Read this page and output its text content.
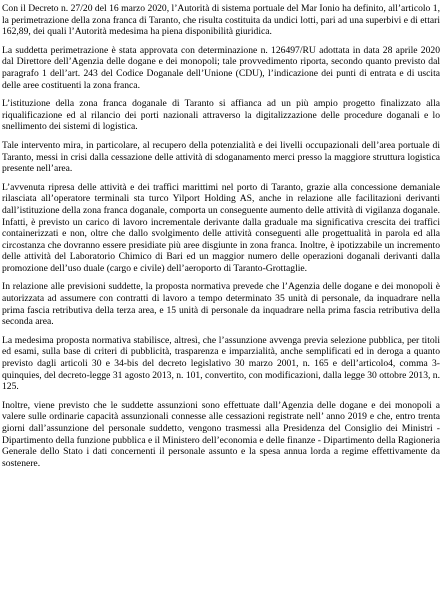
Con il Decreto n. 27/20 del 16 marzo 2020, l’Autorità di sistema portuale del Mar Ionio ha definito, all’articolo 1, la perimetrazione della zona franca di Taranto, che risulta costituita da undici lotti, pari ad una superbivi e di ettari 162,89, dei quali l’Autorità medesima ha piena disponibilità giuridica.

La suddetta perimetrazione è stata approvata con determinazione n. 126497/RU adottata in data 28 aprile 2020 dal Direttore dell’Agenzia delle dogane e dei monopoli; tale provvedimento riporta, secondo quanto previsto dal paragrafo 1 dell’art. 243 del Codice Doganale dell’Unione (CDU), l’indicazione dei punti di entrata e di uscita delle aree costituenti la zona franca.

L’istituzione della zona franca doganale di Taranto si affianca ad un più ampio progetto finalizzato alla riqualificazione ed al rilancio dei porti nazionali attraverso la digitalizzazione delle procedure doganali e lo snellimento dei sistemi di logistica.

Tale intervento mira, in particolare, al recupero della potenzialità e dei livelli occupazionali dell’area portuale di Taranto, messi in crisi dalla cessazione delle attività di sdoganamento merci presso la maggiore struttura logistica presente nell’area.

L’avvenuta ripresa delle attività e dei traffici marittimi nel porto di Taranto, grazie alla concessione demaniale rilasciata all’operatore terminali sta turco Yilport Holding AS, anche in relazione alle facilitazioni derivanti dall’istituzione della zona franca doganale, comporta un conseguente aumento delle attività di vigilanza doganale. Infatti, è previsto un carico di lavoro incrementale derivante dalla graduale ma significativa crescita dei traffici containerizzati e non, oltre che dallo svolgimento delle attività conseguenti alle progettualità in parola ed alla circostanza che dovranno essere presidiate più aree disgiunte in zona franca. Inoltre, è ipotizzabile un incremento delle attività del Laboratorio Chimico di Bari ed un maggior numero delle operazioni doganali derivanti dalla promozione dell’uso duale (cargo e civile) dell’aeroporto di Taranto-Grottaglie.

In relazione alle previsioni suddette, la proposta normativa prevede che l’Agenzia delle dogane e dei monopoli è autorizzata ad assumere con contratti di lavoro a tempo determinato 35 unità di personale, da inquadrare nella prima fascia retributiva della terza area, e 15 unità di personale da inquadrare nella prima fascia retributiva della seconda area.

La medesima proposta normativa stabilisce, altresì, che l’assunzione avvenga previa selezione pubblica, per titoli ed esami, sulla base di criteri di pubblicità, trasparenza e imparzialità, anche semplificati ed in deroga a quanto previsto dagli articoli 30 e 34-bis del decreto legislativo 30 marzo 2001, n. 165 e dell’articolo4, comma 3-quinquies, del decreto-legge 31 agosto 2013, n. 101, convertito, con modificazioni, dalla legge 30 ottobre 2013, n. 125.

Inoltre, viene previsto che le suddette assunzioni sono effettuate dall’Agenzia delle dogane e dei monopoli a valere sulle ordinarie capacità assunzionali connesse alle cessazioni registrate nell’ anno 2019 e che, entro trenta giorni dall’assunzione del personale suddetto, vengono trasmessi alla Presidenza del Consiglio dei Ministri - Dipartimento della funzione pubblica e il Ministero dell’economia e delle finanze - Dipartimento della Ragioneria Generale dello Stato i dati concernenti il personale assunto e la spesa annua lorda a regime effettivamente da sostenere.
